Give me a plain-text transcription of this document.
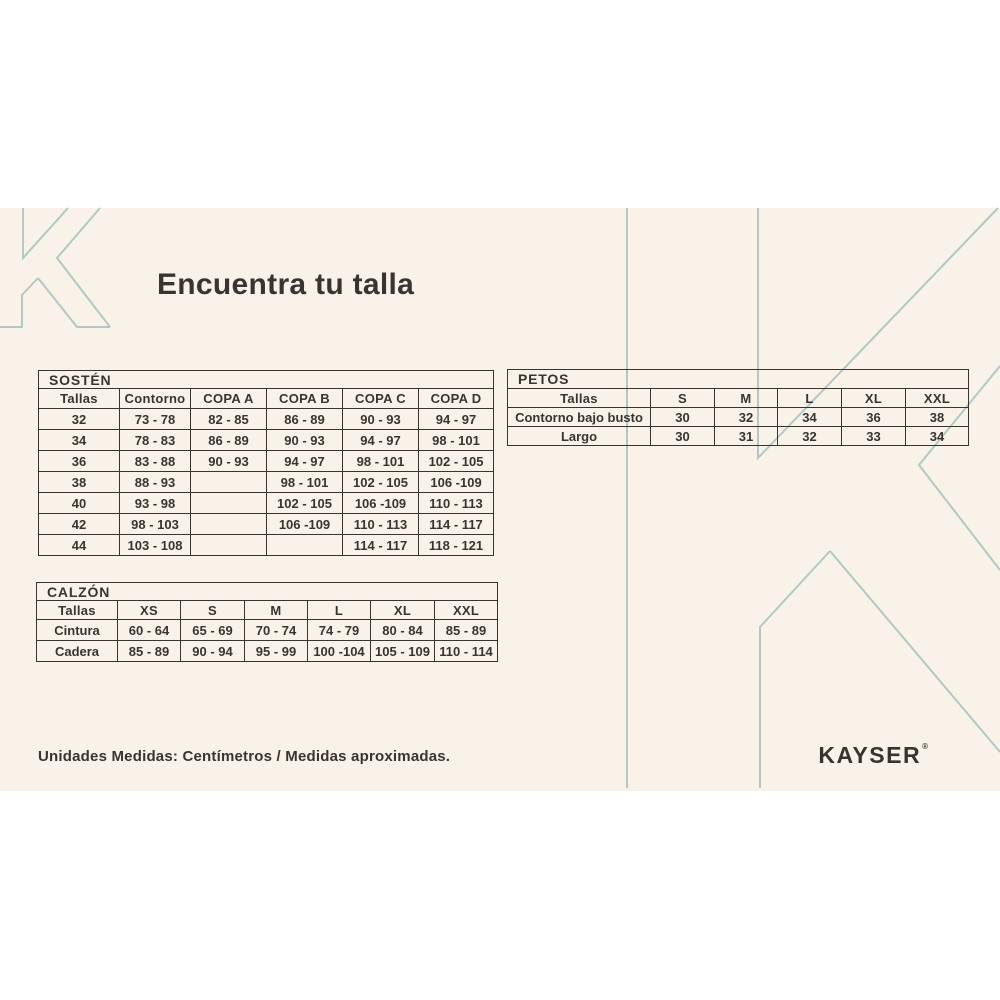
Encuentra tu talla
SOSTÉN					
Tallas	Contorno	COPA A	COPA B	COPA C	COPA D
32	73 - 78	82 - 85	86 - 89	90 - 93	94 - 97
34	78 - 83	86 - 89	90 - 93	94 - 97	98 - 101
36	83 - 88	90 - 93	94 - 97	98 - 101	102 - 105
38	88 - 93		98 - 101	102 - 105	106 -109
40	93 - 98		102 - 105	106 -109	110 - 113
42	98 - 103		106 -109	110 - 113	114 - 117
44	103 - 108			114 - 117	118 - 121
PETOS					
Tallas	S	M	L	XL	XXL
Contorno bajo busto	30	32	34	36	38
Largo	30	31	32	33	34
CALZÓN						
Tallas	XS	S	M	L	XL	XXL
Cintura	60 - 64	65 - 69	70 - 74	74 - 79	80 - 84	85 - 89
Cadera	85 - 89	90 - 94	95 - 99	100 -104	105 - 109	110 - 114
Unidades Medidas: Centímetros / Medidas aproximadas.	KAYSER®
